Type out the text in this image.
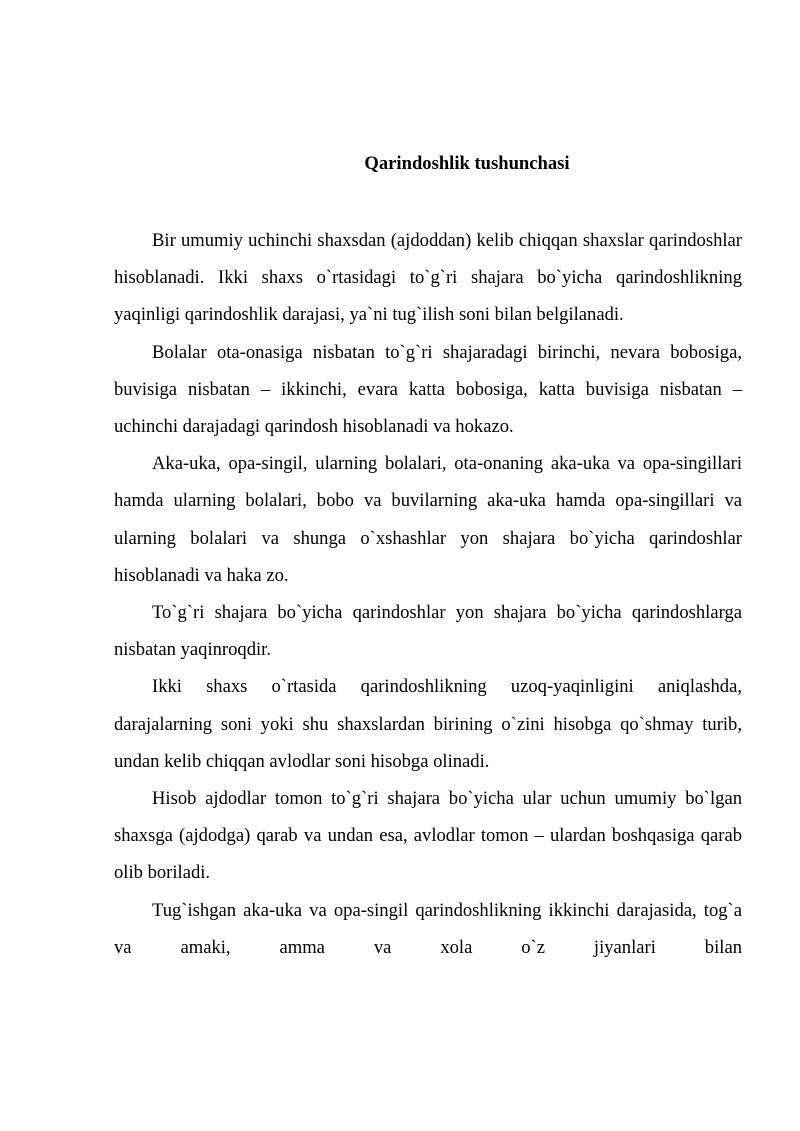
Qarindoshlik tushunchasi

Bir umumiy uchinchi shaxsdan (ajdoddan) kelib chiqqan shaxslar qarindoshlar hisoblanadi. Ikki shaxs o`rtasidagi to`g`ri shajara bo`yicha qarindoshlikning yaqinligi qarindoshlik darajasi, ya`ni tug`ilish soni bilan belgilanadi.

Bolalar ota-onasiga nisbatan to`g`ri shajaradagi birinchi, nevara bobosiga, buvisiga nisbatan – ikkinchi, evara katta bobosiga, katta buvisiga nisbatan – uchinchi darajadagi qarindosh hisoblanadi va hokazo.

Aka-uka, opa-singil, ularning bolalari, ota-onaning aka-uka va opa-singillari hamda ularning bolalari, bobo va buvilarning aka-uka hamda opa-singillari va ularning bolalari va shunga o`xshashlar yon shajara bo`yicha qarindoshlar hisoblanadi va haka zo.

To`g`ri shajara bo`yicha qarindoshlar yon shajara bo`yicha qarindoshlarga nisbatan yaqinroqdir.

Ikki shaxs o`rtasida qarindoshlikning uzoq-yaqinligini aniqlashda, darajalarning soni yoki shu shaxslardan birining o`zini hisobga qo`shmay turib, undan kelib chiqqan avlodlar soni hisobga olinadi.

Hisob ajdodlar tomon to`g`ri shajara bo`yicha ular uchun umumiy bo`lgan shaxsga (ajdodga) qarab va undan esa, avlodlar tomon – ulardan boshqasiga qarab olib boriladi.

Tug`ishgan aka-uka va opa-singil qarindoshlikning ikkinchi darajasida, tog`a va amaki, amma va xola o`z jiyanlari bilan
